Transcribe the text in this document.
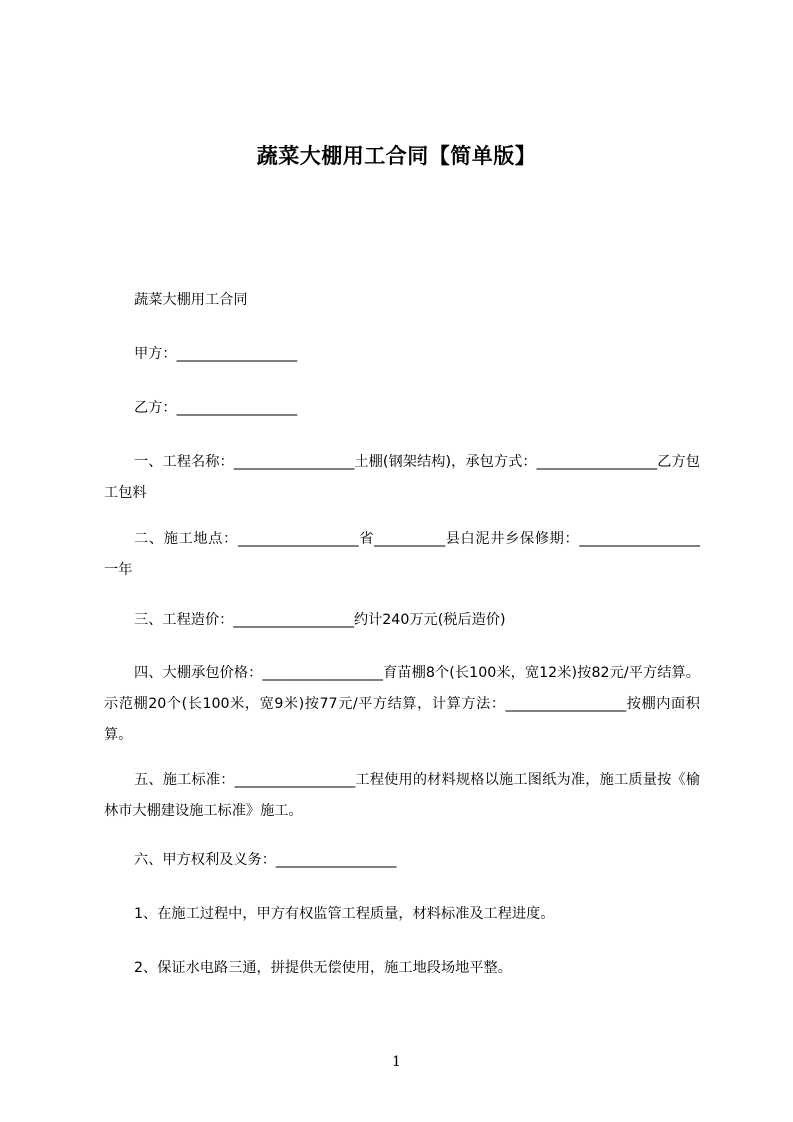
蔬菜大棚用工合同【简单版】

蔬菜大棚用工合同

甲方：_________________

乙方：_________________

一、工程名称：_________________土棚(钢架结构)，承包方式：_________________乙方包工包料

二、施工地点：_________________省__________县白泥井乡保修期：_________________一年

三、工程造价：_________________约计240万元(税后造价)

四、大棚承包价格：_________________育苗棚8个(长100米，宽12米)按82元/平方结算。示范棚20个(长100米，宽9米)按77元/平方结算，计算方法：_________________按棚内面积算。

五、施工标准：_________________工程使用的材料规格以施工图纸为准，施工质量按《榆林市大棚建设施工标准》施工。

六、甲方权利及义务：_________________

1、在施工过程中，甲方有权监管工程质量，材料标准及工程进度。

2、保证水电路三通，拼提供无偿使用，施工地段场地平整。

1
